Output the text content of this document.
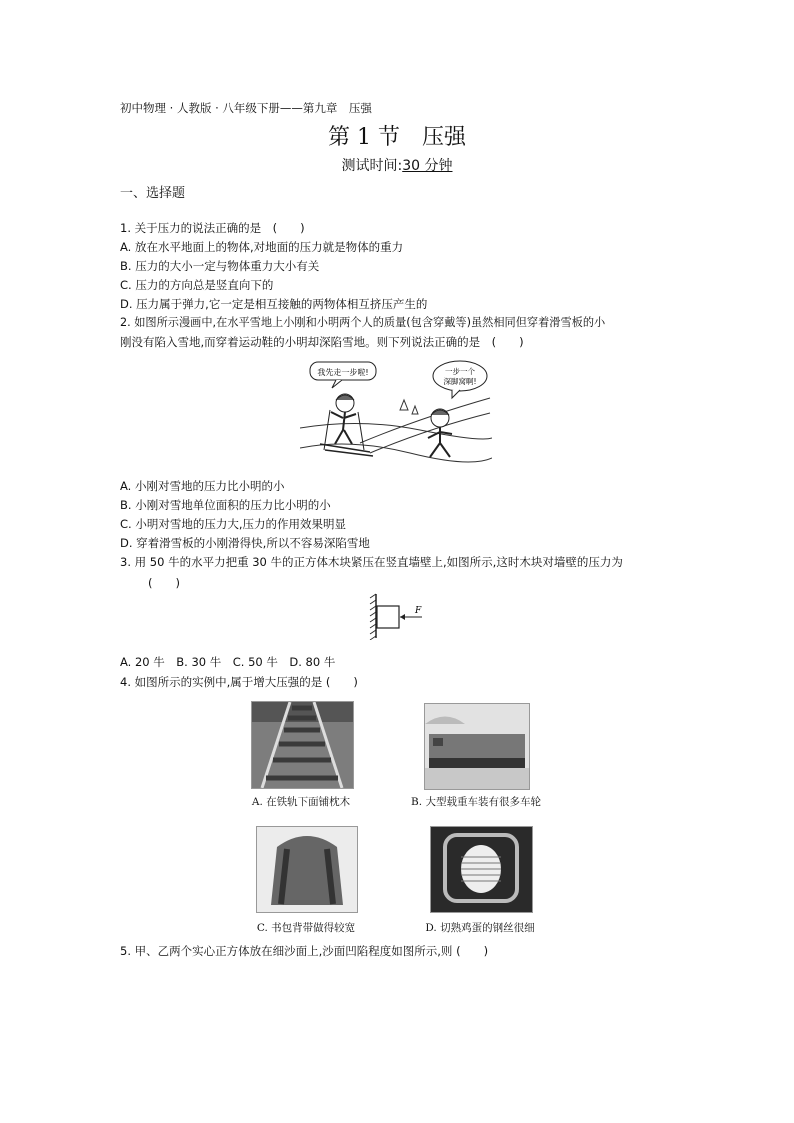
初中物理 · 人教版 · 八年级下册——第九章　压强
第 1 节　压强
测试时间:30 分钟
一、选择题
1. 关于压力的说法正确的是　(　　)
A. 放在水平地面上的物体,对地面的压力就是物体的重力
B. 压力的大小一定与物体重力大小有关
C. 压力的方向总是竖直向下的
D. 压力属于弹力,它一定是相互接触的两物体相互挤压产生的
2. 如图所示漫画中,在水平雪地上小刚和小明两个人的质量(包含穿戴等)虽然相同但穿着滑雪板的小
刚没有陷入雪地,而穿着运动鞋的小明却深陷雪地。则下列说法正确的是　(　　)
我先走一步啦!	一步一个
深脚窝啊!
A. 小刚对雪地的压力比小明的小
B. 小刚对雪地单位面积的压力比小明的小
C. 小明对雪地的压力大,压力的作用效果明显
D. 穿着滑雪板的小刚滑得快,所以不容易深陷雪地
3. 用 50 牛的水平力把重 30 牛的正方体木块紧压在竖直墙壁上,如图所示,这时木块对墙壁的压力为
(　　)
F
A. 20 牛　B. 30 牛　C. 50 牛　D. 80 牛
4. 如图所示的实例中,属于增大压强的是 (　　)
A. 在铁轨下面铺枕木	B. 大型载重车装有很多车轮
C. 书包背带做得较宽	D. 切熟鸡蛋的钢丝很细
5. 甲、乙两个实心正方体放在细沙面上,沙面凹陷程度如图所示,则 (　　)
